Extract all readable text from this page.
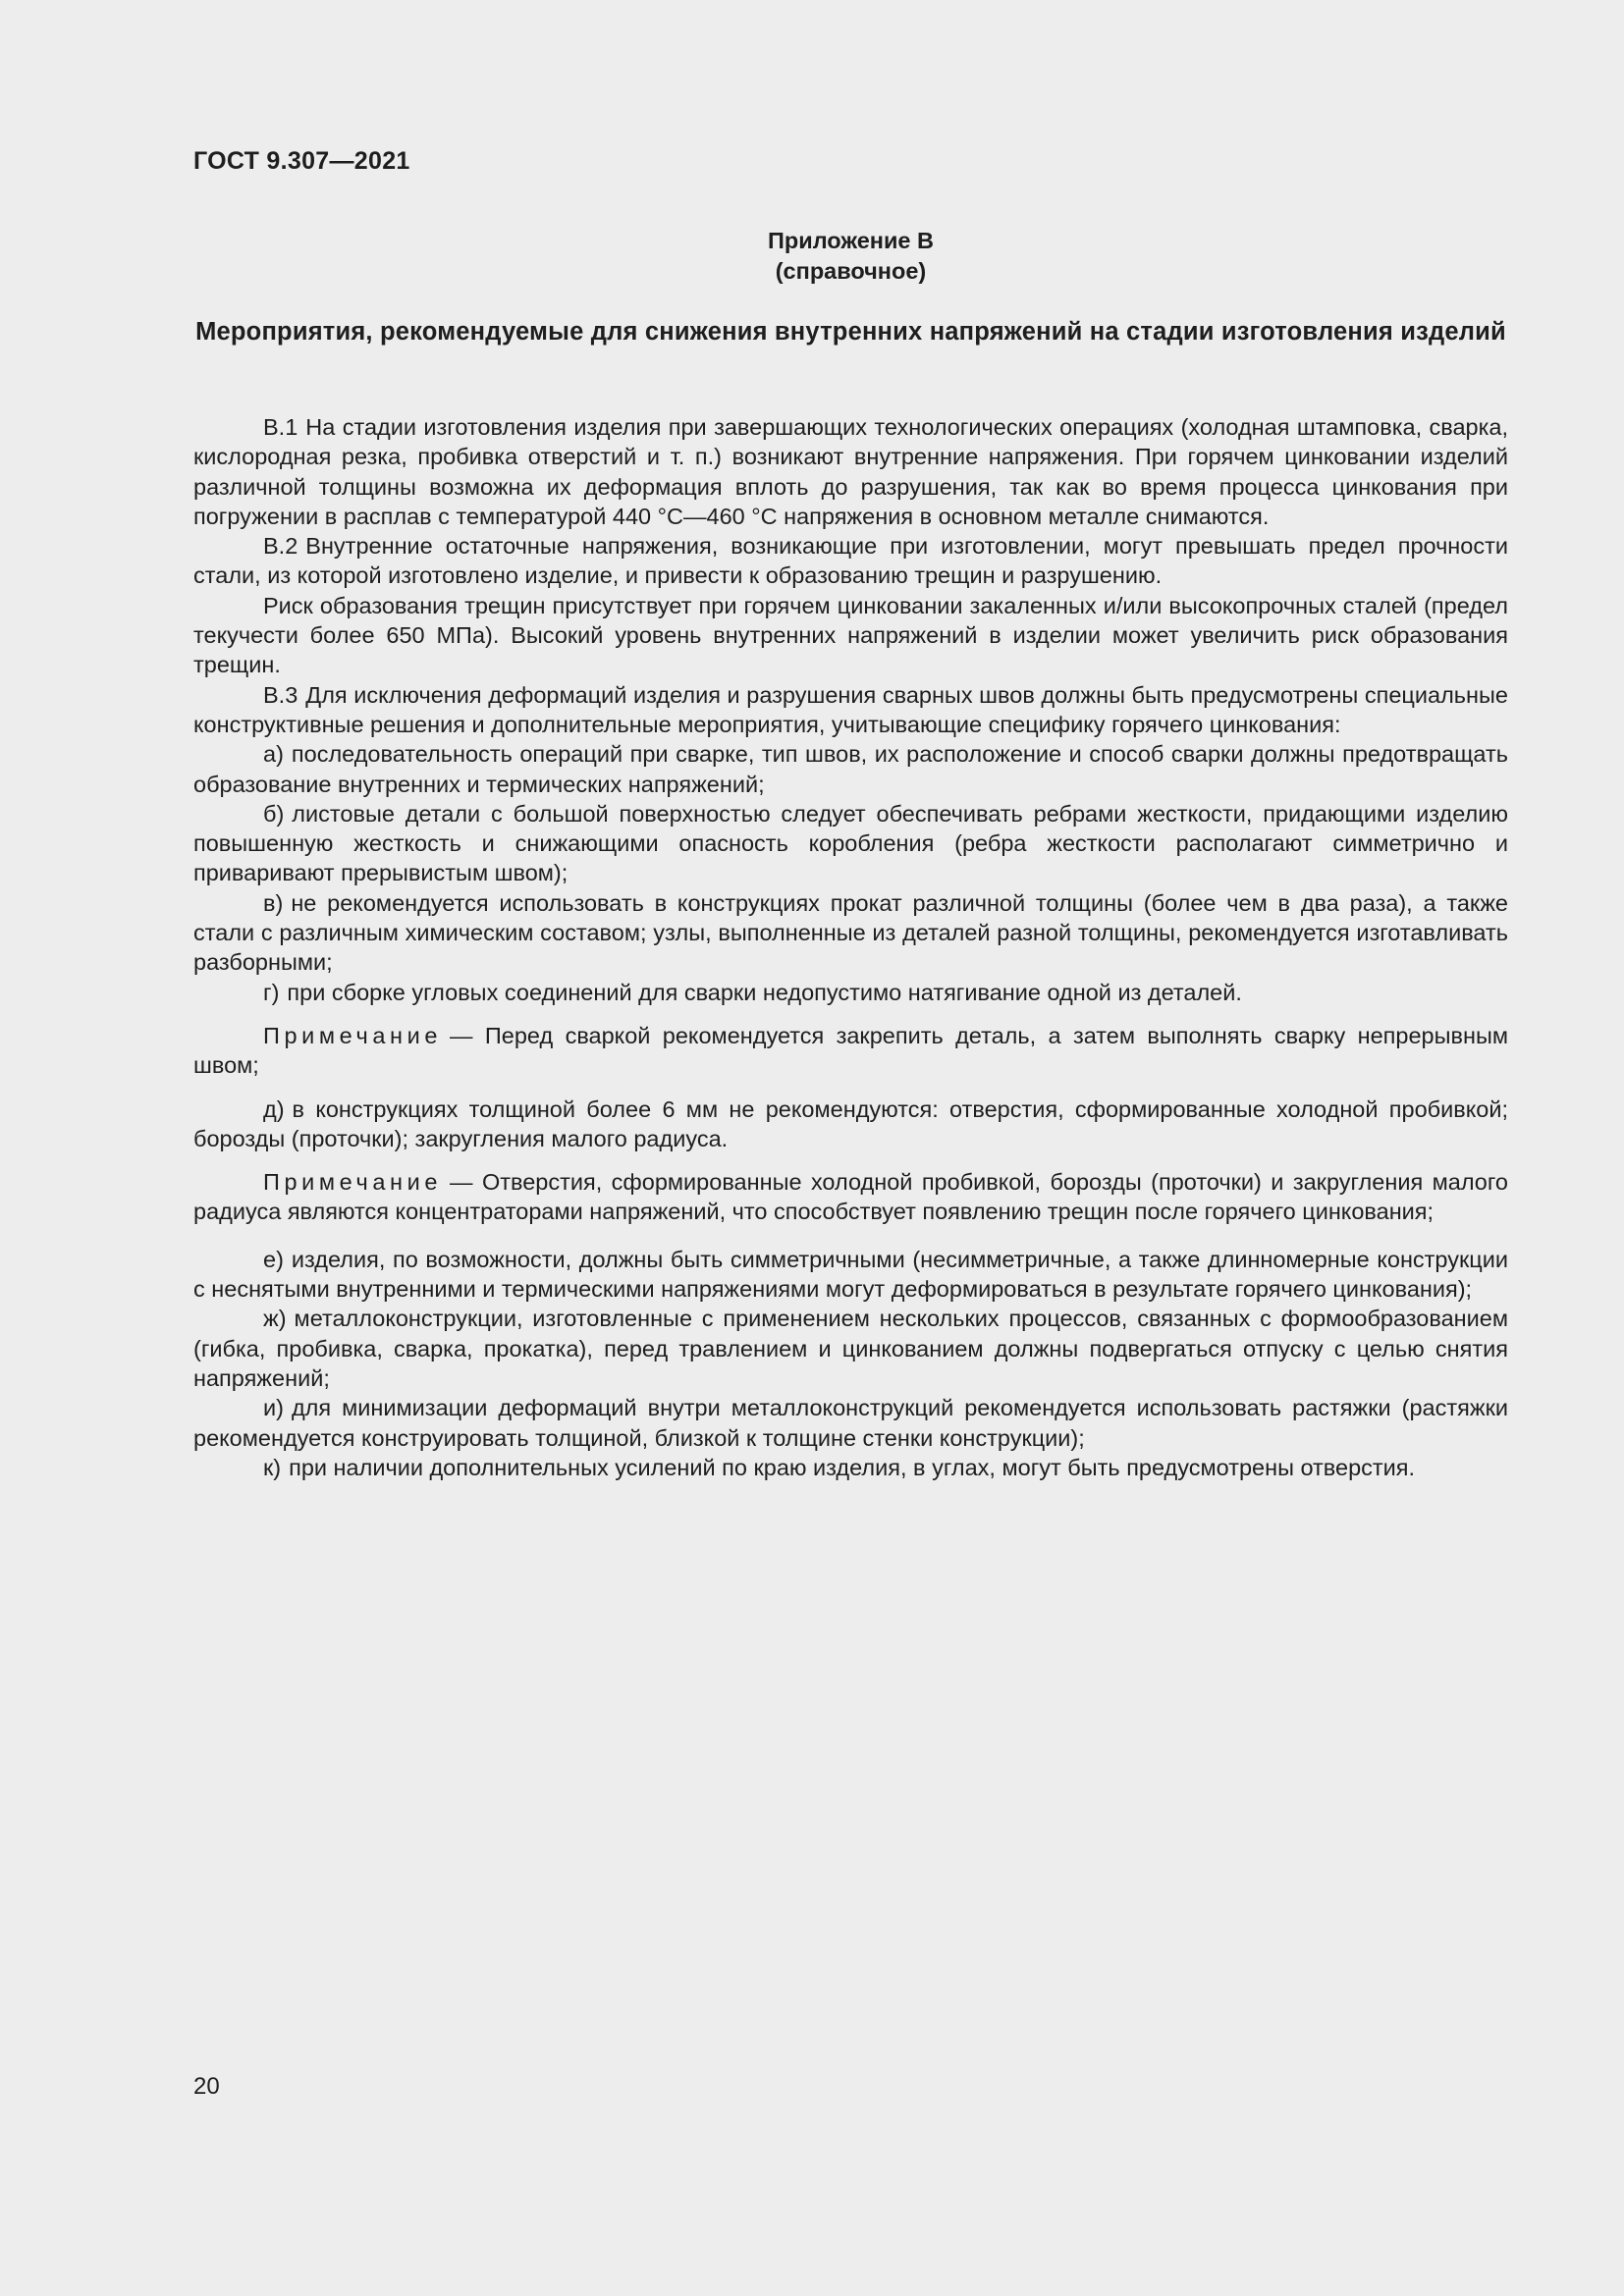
ГОСТ 9.307—2021
Приложение В
(справочное)
Мероприятия, рекомендуемые для снижения внутренних напряжений на стадии изготовления изделий

В.1 На стадии изготовления изделия при завершающих технологических операциях (холодная штамповка, сварка, кислородная резка, пробивка отверстий и т. п.) возникают внутренние напряжения. При горячем цинковании изделий различной толщины возможна их деформация вплоть до разрушения, так как во время процесса цинкования при погружении в расплав с температурой 440 °С—460 °С напряжения в основном металле снимаются.

В.2 Внутренние остаточные напряжения, возникающие при изготовлении, могут превышать предел прочности стали, из которой изготовлено изделие, и привести к образованию трещин и разрушению.

Риск образования трещин присутствует при горячем цинковании закаленных и/или высокопрочных сталей (предел текучести более 650 МПа). Высокий уровень внутренних напряжений в изделии может увеличить риск образования трещин.

В.3 Для исключения деформаций изделия и разрушения сварных швов должны быть предусмотрены специальные конструктивные решения и дополнительные мероприятия, учитывающие специфику горячего цинкования:

а) последовательность операций при сварке, тип швов, их расположение и способ сварки должны предотвращать образование внутренних и термических напряжений;

б) листовые детали с большой поверхностью следует обеспечивать ребрами жесткости, придающими изделию повышенную жесткость и снижающими опасность коробления (ребра жесткости располагают симметрично и приваривают прерывистым швом);

в) не рекомендуется использовать в конструкциях прокат различной толщины (более чем в два раза), а также стали с различным химическим составом; узлы, выполненные из деталей разной толщины, рекомендуется изготавливать разборными;

г) при сборке угловых соединений для сварки недопустимо натягивание одной из деталей.

Примечание — Перед сваркой рекомендуется закрепить деталь, а затем выполнять сварку непрерывным швом;

д) в конструкциях толщиной более 6 мм не рекомендуются: отверстия, сформированные холодной пробивкой; борозды (проточки); закругления малого радиуса.

Примечание — Отверстия, сформированные холодной пробивкой, борозды (проточки) и закругления малого радиуса являются концентраторами напряжений, что способствует появлению трещин после горячего цинкования;

е) изделия, по возможности, должны быть симметричными (несимметричные, а также длинномерные конструкции с неснятыми внутренними и термическими напряжениями могут деформироваться в результате горячего цинкования);

ж) металлоконструкции, изготовленные с применением нескольких процессов, связанных с формообразованием (гибка, пробивка, сварка, прокатка), перед травлением и цинкованием должны подвергаться отпуску с целью снятия напряжений;

и) для минимизации деформаций внутри металлоконструкций рекомендуется использовать растяжки (растяжки рекомендуется конструировать толщиной, близкой к толщине стенки конструкции);

к) при наличии дополнительных усилений по краю изделия, в углах, могут быть предусмотрены отверстия.

20
